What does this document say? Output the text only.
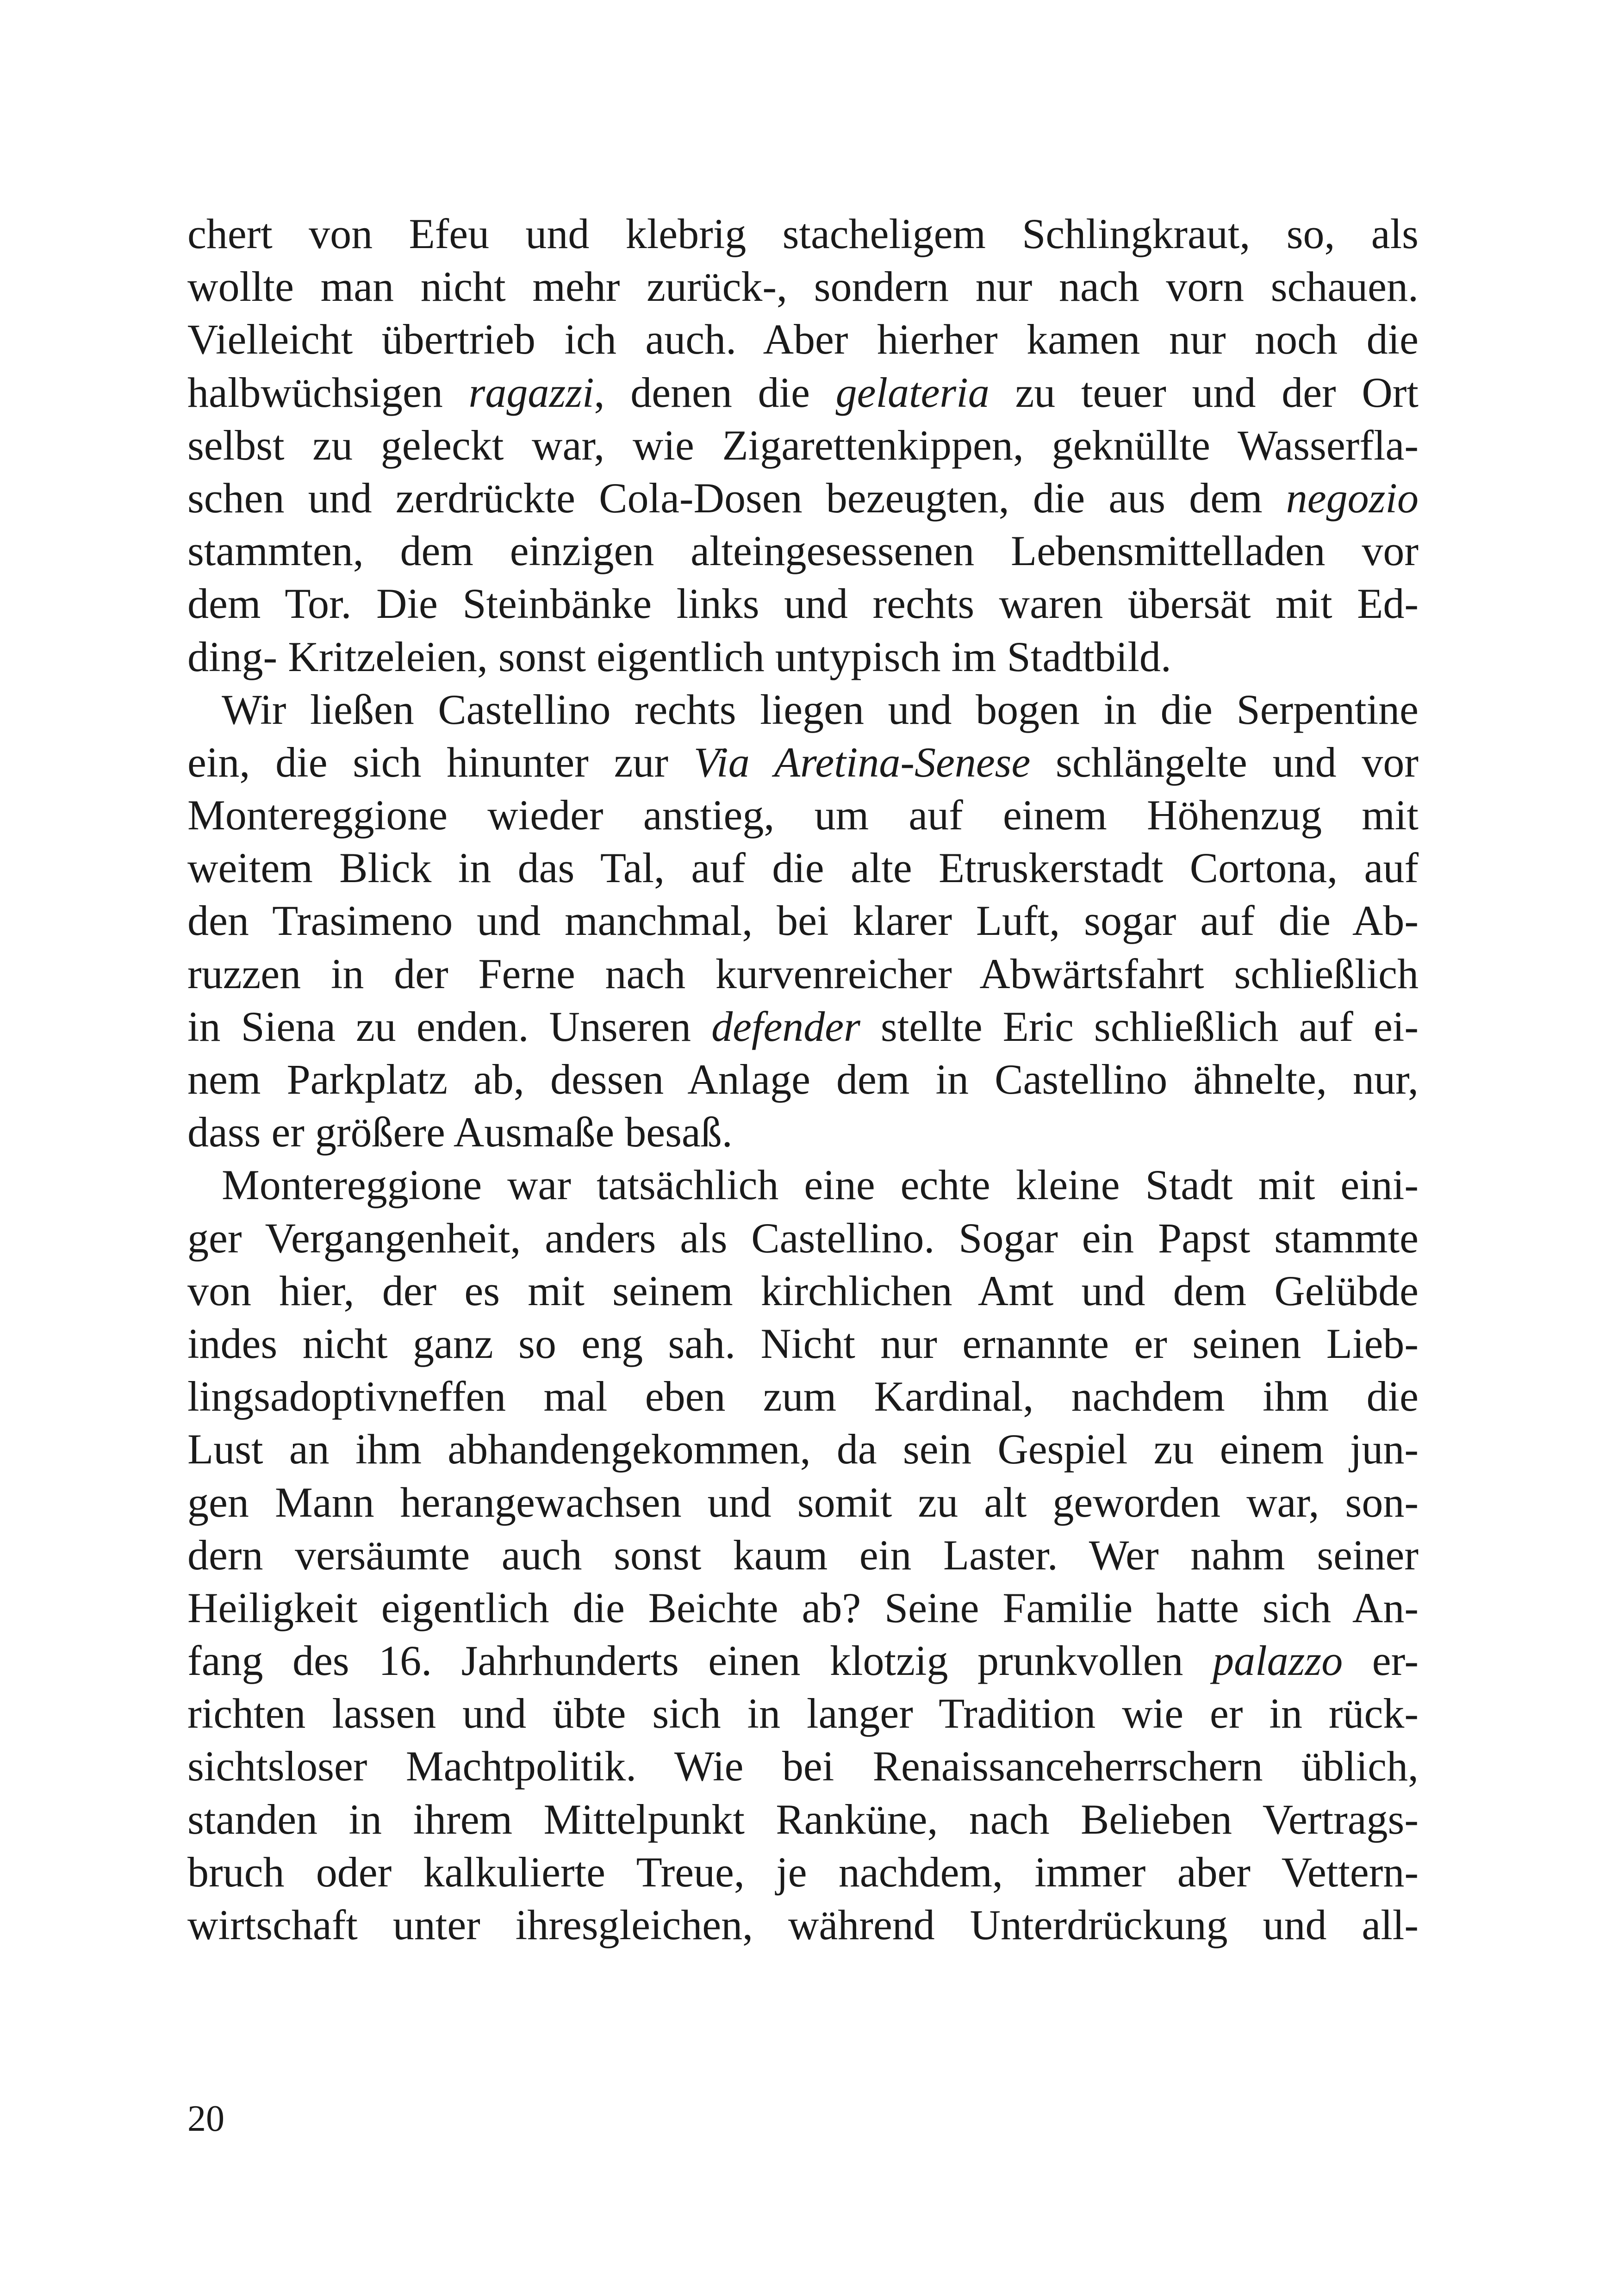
chert von Efeu und klebrig stacheligem Schlingkraut, so, als
wollte man nicht mehr zurück-, sondern nur nach vorn schauen.
Vielleicht übertrieb ich auch. Aber hierher kamen nur noch die
halbwüchsigen ragazzi, denen die gelateria zu teuer und der Ort
selbst zu geleckt war, wie Zigarettenkippen, geknüllte Wasserfla-
schen und zerdrückte Cola-Dosen bezeugten, die aus dem negozio
stammten, dem einzigen alteingesessenen Lebensmittelladen vor
dem Tor. Die Steinbänke links und rechts waren übersät mit Ed-
ding- Kritzeleien, sonst eigentlich untypisch im Stadtbild.
Wir ließen Castellino rechts liegen und bogen in die Serpentine
ein, die sich hinunter zur Via Aretina-Senese schlängelte und vor
Montereggione wieder anstieg, um auf einem Höhenzug mit
weitem Blick in das Tal, auf die alte Etruskerstadt Cortona, auf
den Trasimeno und manchmal, bei klarer Luft, sogar auf die Ab-
ruzzen in der Ferne nach kurvenreicher Abwärtsfahrt schließlich
in Siena zu enden. Unseren defender stellte Eric schließlich auf ei-
nem Parkplatz ab, dessen Anlage dem in Castellino ähnelte, nur,
dass er größere Ausmaße besaß.
Montereggione war tatsächlich eine echte kleine Stadt mit eini-
ger Vergangenheit, anders als Castellino. Sogar ein Papst stammte
von hier, der es mit seinem kirchlichen Amt und dem Gelübde
indes nicht ganz so eng sah. Nicht nur ernannte er seinen Lieb-
lingsadoptivneffen mal eben zum Kardinal, nachdem ihm die
Lust an ihm abhandengekommen, da sein Gespiel zu einem jun-
gen Mann herangewachsen und somit zu alt geworden war, son-
dern versäumte auch sonst kaum ein Laster. Wer nahm seiner
Heiligkeit eigentlich die Beichte ab? Seine Familie hatte sich An-
fang des 16. Jahrhunderts einen klotzig prunkvollen palazzo er-
richten lassen und übte sich in langer Tradition wie er in rück-
sichtsloser Machtpolitik. Wie bei Renaissanceherrschern üblich,
standen in ihrem Mittelpunkt Ranküne, nach Belieben Vertrags-
bruch oder kalkulierte Treue, je nachdem, immer aber Vettern-
wirtschaft unter ihresgleichen, während Unterdrückung und all-
20
